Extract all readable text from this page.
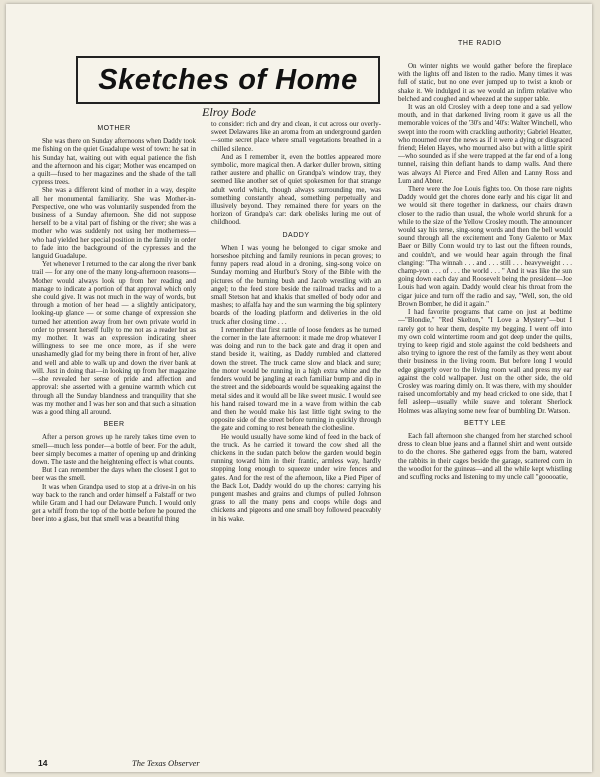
Sketches of Home
Elroy Bode
THE RADIO
MOTHER

She was there on Sunday afternoons when Daddy took me fishing on the quiet Guadalupe west of town: he sat in his Sunday hat, waiting out with equal patience the fish and the afternoon and his cigar; Mother was encamped on a quilt—fused to her magazines and the shade of the tall cypress trees.

She was a different kind of mother in a way, despite all her monumental familiarity. She was Mother-in-Perspective, one who was voluntarily suspended from the business of a Sunday afternoon. She did not suppose herself to be a vital part of fishing or the river; she was a mother who was suddenly not using her motherness—who had yielded her special position in the family in order to fade into the background of the cypresses and the languid Guadalupe.

Yet whenever I returned to the car along the river bank trail — for any one of the many long-afternoon reasons—Mother would always look up from her reading and manage to indicate a portion of that approval which only she could give. It was not much in the way of words, but through a motion of her head — a slightly anticipatory, looking-up glance — or some change of expression she turned her attention away from her own private world in order to present herself fully to me not as a reader but as my mother. It was an expression indicating sheer willingness to see me once more, as if she were unashamedly glad for my being there in front of her, alive and well and able to walk up and down the river bank at will. Just in doing that—in looking up from her magazine—she revealed her sense of pride and affection and approval: she asserted with a genuine warmth which cut through all the Sunday blandness and tranquility that she was my mother and I was her son and that such a situation was a good thing all around.

BEER

After a person grows up he rarely takes time even to smell—much less ponder—a bottle of beer. For the adult, beer simply becomes a matter of opening up and drinking down. The taste and the heightening effect is what counts.

But I can remember the days when the closest I got to beer was the smell.

It was when Grandpa used to stop at a drive-in on his way back to the ranch and order himself a Falstaff or two while Gram and I had our Delaware Punch. I would only get a whiff from the top of the bottle before he poured the beer into a glass, but that smell was a beautiful thing

to consider: rich and dry and clean, it cut across our overly-sweet Delawares like an aroma from an underground garden—some secret place where small vegetations breathed in a chilled silence.

And as I remember it, even the bottles appeared more symbolic, more magical then. A darker duller brown, sitting rather austere and phallic on Grandpa's window tray, they seemed like another set of quiet spokesmen for that strange adult world which, though always surrounding me, was something constantly ahead, something perpetually and illusively beyond. They remained there for years on the horizon of Grandpa's car: dark obelisks luring me out of childhood.

DADDY

When I was young he belonged to cigar smoke and horseshoe pitching and family reunions in pecan groves; to funny papers read aloud in a droning, sing-song voice on Sunday morning and Hurlbut's Story of the Bible with the pictures of the burning bush and Jacob wrestling with an angel; to the feed store beside the railroad tracks and to a small Stetson hat and khakis that smelled of body odor and mashes; to alfalfa hay and the sun warming the big splintery boards of the loading platform and deliveries in the old truck after closing time . . .

I remember that first rattle of loose fenders as he turned the corner in the late afternoon: it made me drop whatever I was doing and run to the back gate and drag it open and stand beside it, waiting, as Daddy rumbled and clattered down the street. The truck came slow and black and sure; the motor would be running in a high extra whine and the fenders would be jangling at each familiar bump and dip in the street and the sideboards would be squeaking against the metal sides and it would all be like sweet music. I would see his hand raised toward me in a wave from within the cab and then he would make his last little tight swing to the opposite side of the street before turning in quickly through the gate and coming to rest beneath the clothesline.

He would usually have some kind of feed in the back of the truck. As he carried it toward the cow shed all the chickens in the sudan patch below the garden would begin running toward him in their frantic, armless way, hardly stopping long enough to squeeze under wire fences and gates. And for the rest of the afternoon, like a Pied Piper of the Back Lot, Daddy would do up the chores: carrying his pungent mashes and grains and clumps of pulled Johnson grass to all the many pens and coops while dogs and chickens and pigeons and one small boy followed peaceably in his wake.

On winter nights we would gather before the fireplace with the lights off and listen to the radio. Many times it was full of static, but no one ever jumped up to twist a knob or shake it. We indulged it as we would an infirm relative who belched and coughed and wheezed at the supper table.

It was an old Crosley with a deep tone and a sad yellow mouth, and in that darkened living room it gave us all the memorable voices of the '30's and '40's: Walter Winchell, who swept into the room with crackling authority; Gabriel Heatter, who mourned over the news as if it were a dying or disgraced friend; Helen Hayes, who mourned also but with a little spirit—who sounded as if she were trapped at the far end of a long tunnel, raising thin defiant hands to damp walls. And there was always Al Pierce and Fred Allen and Lanny Ross and Lum and Abner.

There were the Joe Louis fights too. On those rare nights Daddy would get the chores done early and his cigar lit and we would sit there together in darkness, our chairs drawn closer to the radio than usual, the whole world shrunk for a while to the size of the Yellow Crosley mouth. The announcer would say his terse, sing-song words and then the bell would sound through all the excitement and Tony Galento or Max Baer or Billy Conn would try to last out the fifteen rounds, and couldn't, and we would hear again through the final clanging: "Tha winnah . . . and . . . still . . . heavyweight . . . champ-yon . . . of . . . the world . . . " And it was like the sun going down each day and Roosevelt being the president—Joe Louis had won again. Daddy would clear his throat from the cigar juice and turn off the radio and say, "Well, son, the old Brown Bomber, he did it again."

I had favorite programs that came on just at bedtime—"Blondie," "Red Skelton," "I Love a Mystery"—but I rarely got to hear them, despite my begging. I went off into my own cold wintertime room and got deep under the quilts, trying to keep rigid and stole against the cold bedsheets and also trying to ignore the rest of the family as they went about their business in the living room. But before long I would edge gingerly over to the living room wall and press my ear against the cold wallpaper. Just on the other side, the old Crosley was roaring dimly on. It was there, with my shoulder raised uncomfortably and my head cricked to one side, that I fell asleep—usually while suave and tolerant Sherlock Holmes was allaying some new fear of bumbling Dr. Watson.

BETTY LEE

Each fall afternoon she changed from her starched school dress to clean blue jeans and a flannel shirt and went outside to do the chores. She gathered eggs from the barn, watered the rabbits in their cages beside the garage, scattered corn in the woodlot for the guineas—and all the while kept whistling and scuffing rocks and listening to my uncle call "gooooatie,

14	The Texas Observer
